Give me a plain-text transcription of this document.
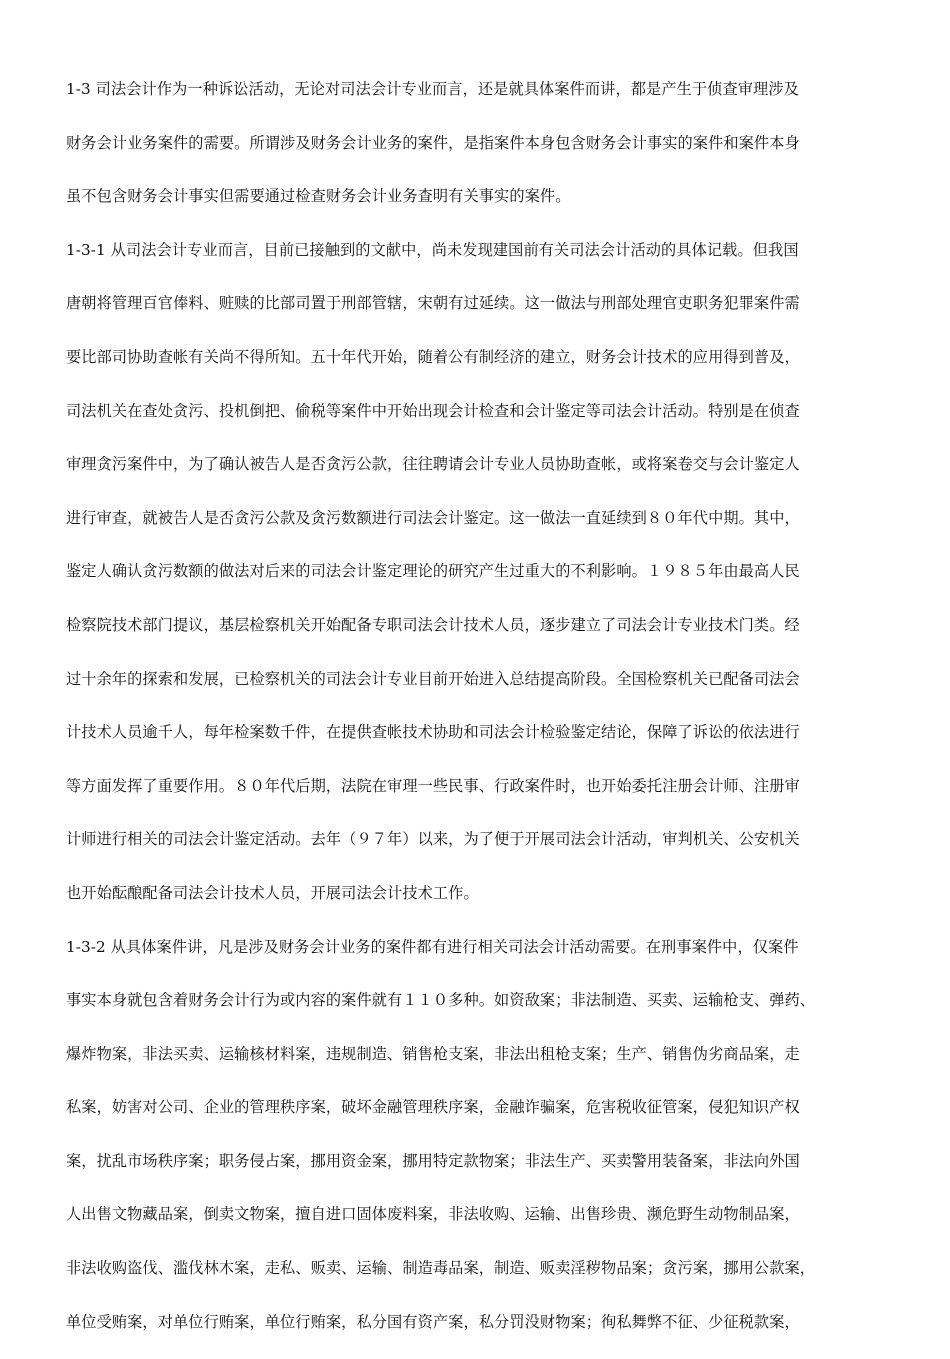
1-3 司法会计作为一种诉讼活动，无论对司法会计专业而言，还是就具体案件而讲，都是产生于侦查审理涉及
财务会计业务案件的需要。所谓涉及财务会计业务的案件，是指案件本身包含财务会计事实的案件和案件本身
虽不包含财务会计事实但需要通过检查财务会计业务查明有关事实的案件。
1-3-1 从司法会计专业而言，目前已接触到的文献中，尚未发现建国前有关司法会计活动的具体记载。但我国
唐朝将管理百官俸料、赃赎的比部司置于刑部管辖，宋朝有过延续。这一做法与刑部处理官吏职务犯罪案件需
要比部司协助查帐有关尚不得所知。五十年代开始，随着公有制经济的建立，财务会计技术的应用得到普及，
司法机关在查处贪污、投机倒把、偷税等案件中开始出现会计检查和会计鉴定等司法会计活动。特别是在侦查
审理贪污案件中，为了确认被告人是否贪污公款，往往聘请会计专业人员协助查帐，或将案卷交与会计鉴定人
进行审查，就被告人是否贪污公款及贪污数额进行司法会计鉴定。这一做法一直延续到８０年代中期。其中，
鉴定人确认贪污数额的做法对后来的司法会计鉴定理论的研究产生过重大的不利影响。１９８５年由最高人民
检察院技术部门提议，基层检察机关开始配备专职司法会计技术人员，逐步建立了司法会计专业技术门类。经
过十余年的探索和发展，已检察机关的司法会计专业目前开始进入总结提高阶段。全国检察机关已配备司法会
计技术人员逾千人，每年检案数千件，在提供查帐技术协助和司法会计检验鉴定结论，保障了诉讼的依法进行
等方面发挥了重要作用。８０年代后期，法院在审理一些民事、行政案件时，也开始委托注册会计师、注册审
计师进行相关的司法会计鉴定活动。去年（９７年）以来，为了便于开展司法会计活动，审判机关、公安机关
也开始酝酿配备司法会计技术人员，开展司法会计技术工作。
1-3-2 从具体案件讲，凡是涉及财务会计业务的案件都有进行相关司法会计活动需要。在刑事案件中，仅案件
事实本身就包含着财务会计行为或内容的案件就有１１０多种。如资敌案；非法制造、买卖、运输枪支、弹药、
爆炸物案，非法买卖、运输核材料案，违规制造、销售枪支案，非法出租枪支案；生产、销售伪劣商品案，走
私案，妨害对公司、企业的管理秩序案，破坏金融管理秩序案，金融诈骗案，危害税收征管案，侵犯知识产权
案，扰乱市场秩序案；职务侵占案，挪用资金案，挪用特定款物案；非法生产、买卖警用装备案，非法向外国
人出售文物藏品案，倒卖文物案，擅自进口固体废料案，非法收购、运输、出售珍贵、濒危野生动物制品案，
非法收购盗伐、滥伐林木案，走私、贩卖、运输、制造毒品案，制造、贩卖淫秽物品案；贪污案，挪用公款案，
单位受贿案，对单位行贿案，单位行贿案，私分国有资产案，私分罚没财物案；徇私舞弊不征、少征税款案，
